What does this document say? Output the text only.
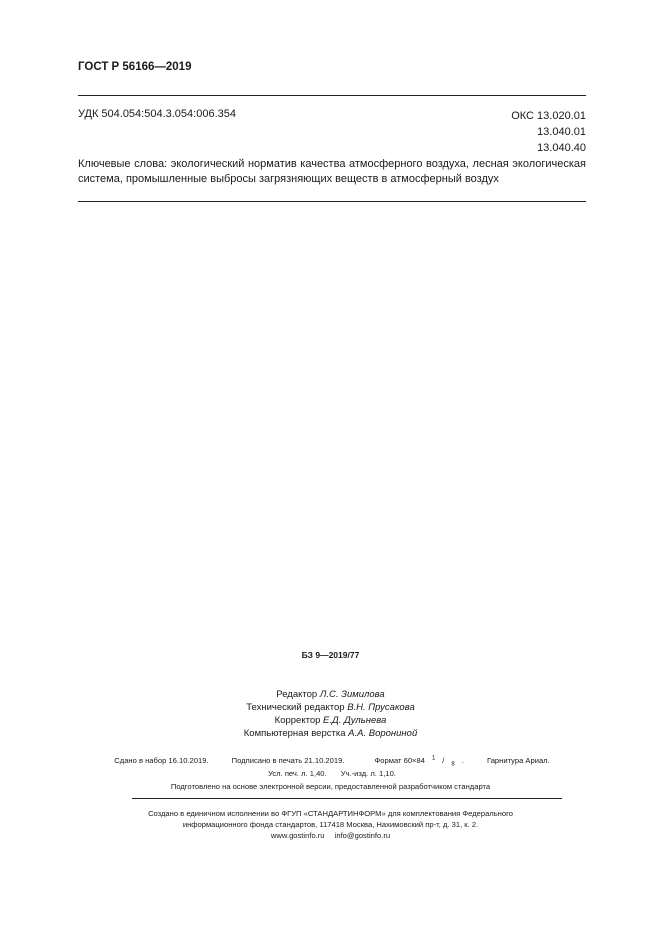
ГОСТ Р 56166—2019
УДК 504.054:504.3.054:006.354	ОКС 13.020.01
13.040.01
13.040.40
Ключевые слова: экологический норматив качества атмосферного воздуха, лесная экологическая система, промышленные выбросы загрязняющих веществ в атмосферный воздух
БЗ 9—2019/77
Редактор Л.С. Зимилова
Технический редактор В.Н. Прусакова
Корректор Е.Д. Дульнева
Компьютерная верстка А.А. Ворониной
Сдано в набор 16.10.2019.	Подписано в печать 21.10.2019.	Формат 60×84 $^1$ / $_8$ .	Гарнитура Ариал.
Усл. печ. л. 1,40. Уч.-изд. л. 1,10.
Подготовлено на основе электронной версии, предоставленной разработчиком стандарта
Создано в единичном исполнении во ФГУП «СТАНДАРТИНФОРМ» для комплектования Федерального
информационного фонда стандартов, 117418 Москва, Нахимовский пр-т, д. 31, к. 2.
www.gostinfo.ru info@gostinfo.ru
